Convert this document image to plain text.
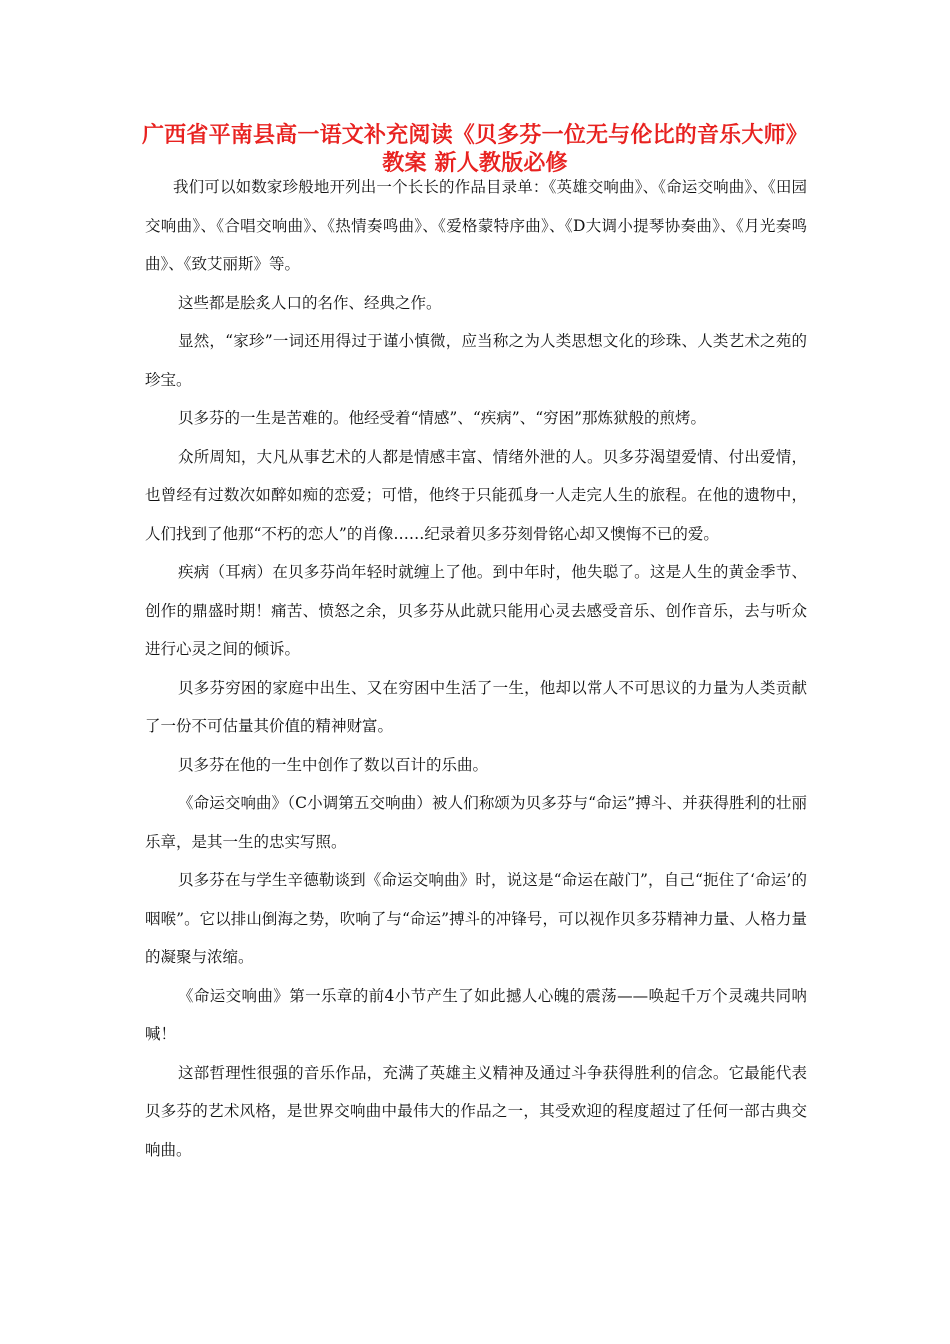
广西省平南县高一语文补充阅读《贝多芬一位无与伦比的音乐大师》教案 新人教版必修

我们可以如数家珍般地开列出一个长长的作品目录单：《英雄交响曲》、《命运交响曲》、《田园交响曲》、《合唱交响曲》、《热情奏鸣曲》、《爱格蒙特序曲》、《D大调小提琴协奏曲》、《月光奏鸣曲》、《致艾丽斯》等。

这些都是脍炙人口的名作、经典之作。

显然，“家珍”一词还用得过于谨小慎微，应当称之为人类思想文化的珍珠、人类艺术之苑的珍宝。

贝多芬的一生是苦难的。他经受着“情感”、“疾病”、“穷困”那炼狱般的煎烤。

众所周知，大凡从事艺术的人都是情感丰富、情绪外泄的人。贝多芬渴望爱情、付出爱情，也曾经有过数次如醉如痴的恋爱；可惜，他终于只能孤身一人走完人生的旅程。在他的遗物中，人们找到了他那“不朽的恋人”的肖像……纪录着贝多芬刻骨铭心却又懊悔不已的爱。

疾病（耳病）在贝多芬尚年轻时就缠上了他。到中年时，他失聪了。这是人生的黄金季节、创作的鼎盛时期！痛苦、愤怒之余，贝多芬从此就只能用心灵去感受音乐、创作音乐，去与听众进行心灵之间的倾诉。

贝多芬穷困的家庭中出生、又在穷困中生活了一生，他却以常人不可思议的力量为人类贡献了一份不可估量其价值的精神财富。

贝多芬在他的一生中创作了数以百计的乐曲。

《命运交响曲》（C小调第五交响曲）被人们称颂为贝多芬与“命运”搏斗、并获得胜利的壮丽乐章，是其一生的忠实写照。

贝多芬在与学生辛德勒谈到《命运交响曲》时，说这是“命运在敲门”，自己“扼住了‘命运’的咽喉”。它以排山倒海之势，吹响了与“命运”搏斗的冲锋号，可以视作贝多芬精神力量、人格力量的凝聚与浓缩。

《命运交响曲》第一乐章的前4小节产生了如此撼人心魄的震荡——唤起千万个灵魂共同呐喊！

这部哲理性很强的音乐作品，充满了英雄主义精神及通过斗争获得胜利的信念。它最能代表贝多芬的艺术风格，是世界交响曲中最伟大的作品之一，其受欢迎的程度超过了任何一部古典交响曲。
